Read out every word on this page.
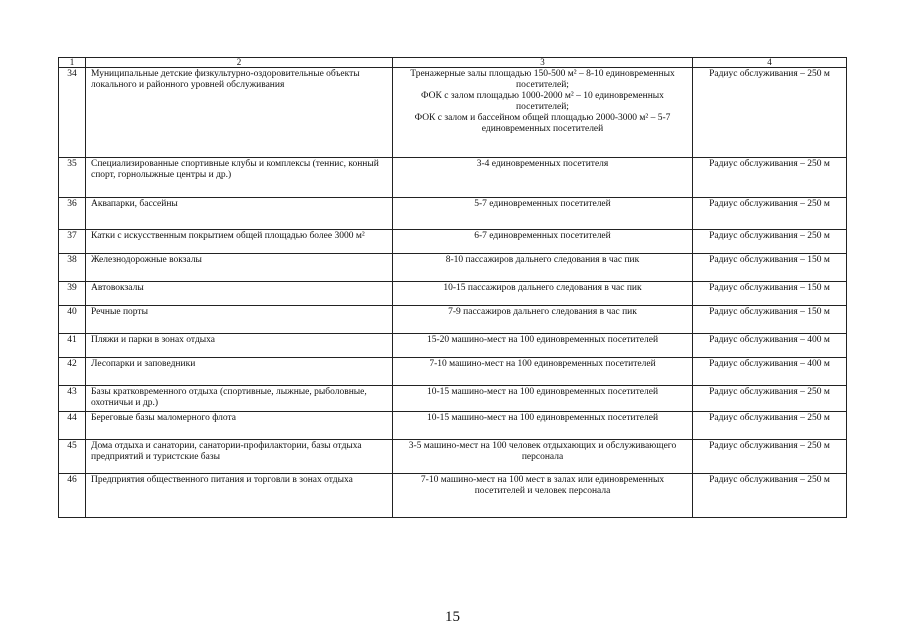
1	2	3	4
34	Муниципальные детские физкультурно-оздоровительные объекты локального и районного уровней обслуживания	Тренажерные залы площадью 150-500 м² – 8-10 единовременных посетителей;
ФОК с залом площадью 1000-2000 м² – 10 единовременных посетителей;
ФОК с залом и бассейном общей площадью 2000-3000 м² – 5-7 единовременных посетителей	Радиус обслуживания – 250 м
35	Специализированные спортивные клубы и комплексы (теннис, конный спорт, горнолыжные центры и др.)	3-4 единовременных посетителя	Радиус обслуживания – 250 м
36	Аквапарки, бассейны	5-7 единовременных посетителей	Радиус обслуживания – 250 м
37	Катки с искусственным покрытием общей площадью более 3000 м²	6-7 единовременных посетителей	Радиус обслуживания – 250 м
38	Железнодорожные вокзалы	8-10 пассажиров дальнего следования в час пик	Радиус обслуживания – 150 м
39	Автовокзалы	10-15 пассажиров дальнего следования в час пик	Радиус обслуживания – 150 м
40	Речные порты	7-9 пассажиров дальнего следования в час пик	Радиус обслуживания – 150 м
41	Пляжи и парки в зонах отдыха	15-20 машино-мест на 100 единовременных посетителей	Радиус обслуживания – 400 м
42	Лесопарки и заповедники	7-10 машино-мест на 100 единовременных посетителей	Радиус обслуживания – 400 м
43	Базы кратковременного отдыха (спортивные, лыжные, рыболовные, охотничьи и др.)	10-15 машино-мест на 100 единовременных посетителей	Радиус обслуживания – 250 м
44	Береговые базы маломерного флота	10-15 машино-мест на 100 единовременных посетителей	Радиус обслуживания – 250 м
45	Дома отдыха и санатории, санатории-профилактории, базы отдыха предприятий и туристские базы	3-5 машино-мест на 100 человек отдыхающих и обслуживающего персонала	Радиус обслуживания – 250 м
46	Предприятия общественного питания и торговли в зонах отдыха	7-10 машино-мест на 100 мест в залах или единовременных посетителей и человек персонала	Радиус обслуживания – 250 м
15
